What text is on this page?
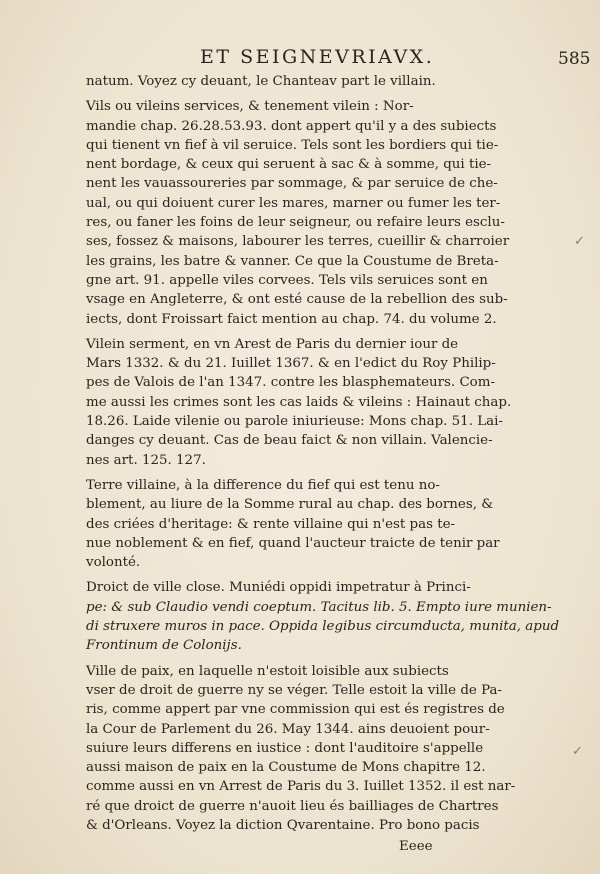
ET SEIGNEVRIAVX.	585
natum. Voyez cy deuant, le Chanteav part le villain.
Vils ou vileins services, & tenement vilein : Nor-
mandie chap. 26.28.53.93. dont appert qu'il y a des subiects
qui tienent vn fief à vil seruice. Tels sont les bordiers qui tie-
nent bordage, & ceux qui seruent à sac & à somme, qui tie-
nent les vauassoureries par sommage, & par seruice de che-
ual, ou qui doiuent curer les mares, marner ou fumer les ter-
res, ou faner les foins de leur seigneur, ou refaire leurs esclu-
ses, fossez & maisons, labourer les terres, cueillir & charroier
les grains, les batre & vanner. Ce que la Coustume de Breta-
gne art. 91. appelle viles corvees. Tels vils seruices sont en
vsage en Angleterre, & ont esté cause de la rebellion des sub-
iects, dont Froissart faict mention au chap. 74. du volume 2.
Vilein serment, en vn Arest de Paris du dernier iour de
Mars 1332. & du 21. Iuillet 1367. & en l'edict du Roy Philip-
pes de Valois de l'an 1347. contre les blasphemateurs. Com-
me aussi les crimes sont les cas laids & vileins : Hainaut chap.
18.26. Laide vilenie ou parole iniurieuse: Mons chap. 51. Lai-
danges cy deuant. Cas de beau faict & non villain. Valencie-
nes art. 125. 127.
Terre villaine, à la difference du fief qui est tenu no-
blement, au liure de la Somme rural au chap. des bornes, &
des criées d'heritage: & rente villaine qui n'est pas te-
nue noblement & en fief, quand l'aucteur traicte de tenir par
volonté.
Droict de ville close. Muniédi oppidi impetratur à Princi-
pe: & sub Claudio vendi coeptum. Tacitus lib. 5. Empto iure munien-
di struxere muros in pace. Oppida legibus circumducta, munita, apud
Frontinum de Colonijs.
Ville de paix, en laquelle n'estoit loisible aux subiects
vser de droit de guerre ny se véger. Telle estoit la ville de Pa-
ris, comme appert par vne commission qui est és registres de
la Cour de Parlement du 26. May 1344. ains deuoient pour-
suiure leurs differens en iustice : dont l'auditoire s'appelle
aussi maison de paix en la Coustume de Mons chapitre 12.
comme aussi en vn Arrest de Paris du 3. Iuillet 1352. il est nar-
ré que droict de guerre n'auoit lieu és bailliages de Chartres
& d'Orleans. Voyez la diction Qvarentaine. Pro bono pacis
Eeee
✓
✓
